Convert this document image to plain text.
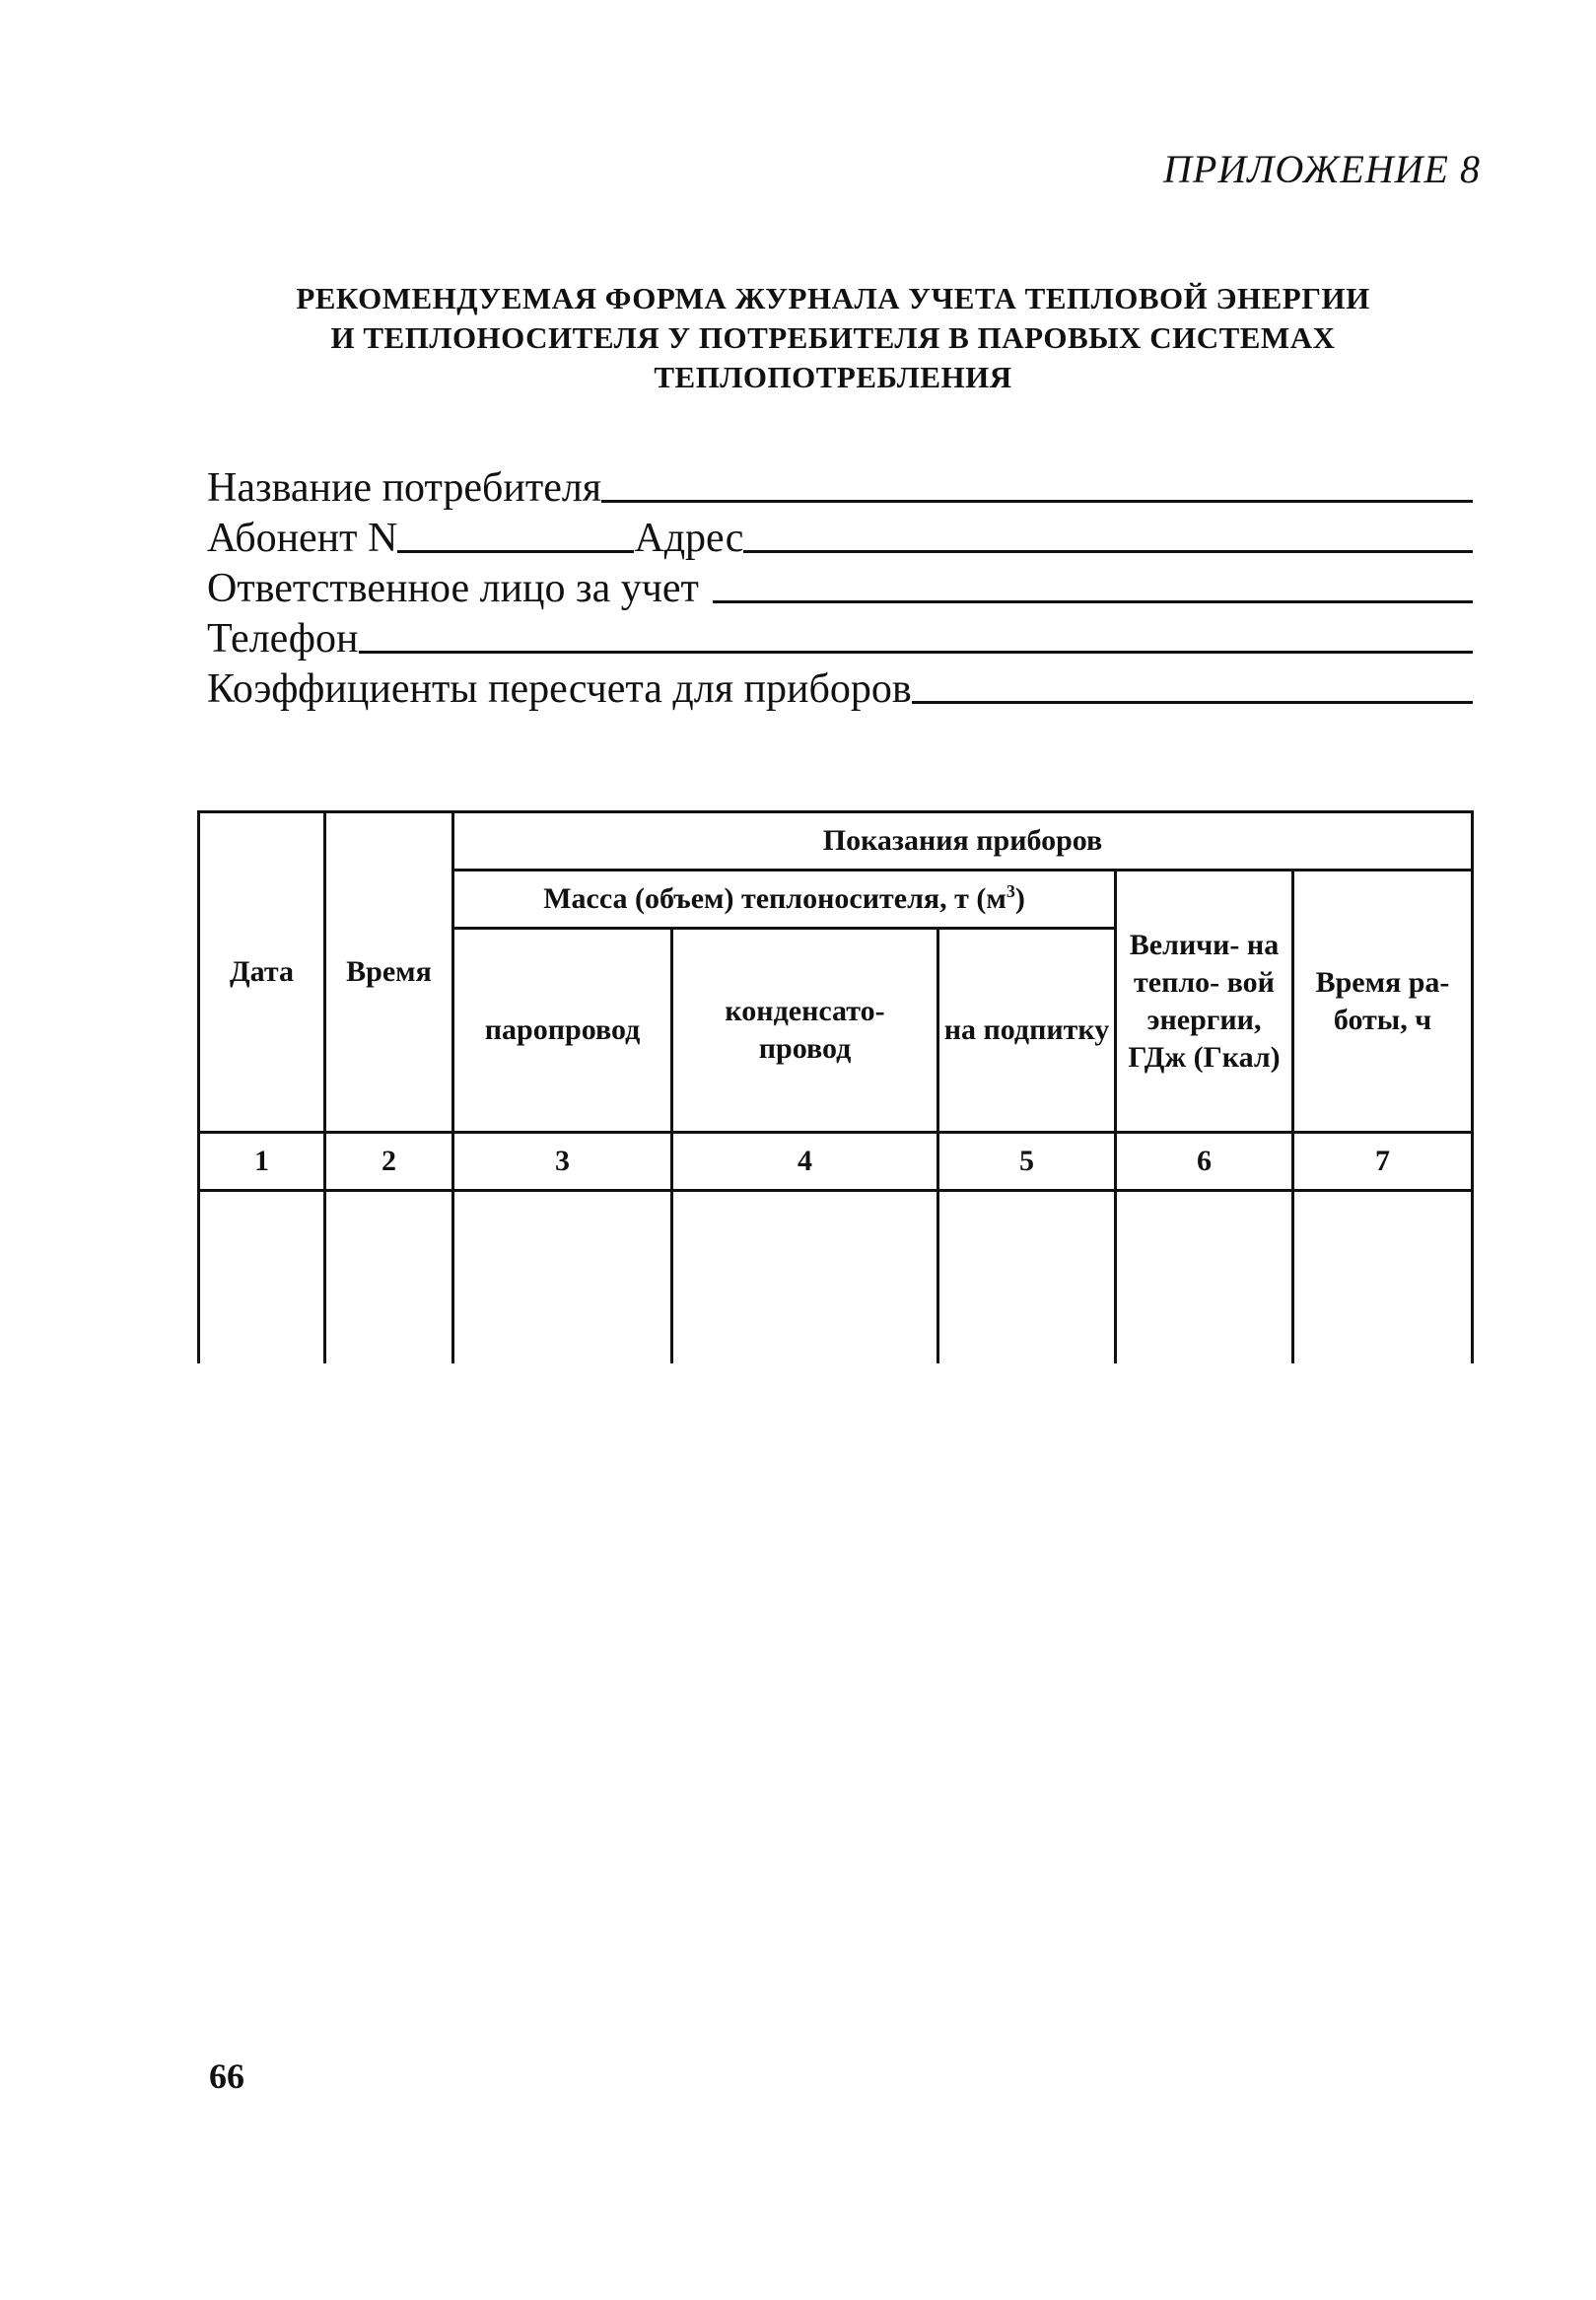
ПРИЛОЖЕНИЕ 8
РЕКОМЕНДУЕМАЯ ФОРМА ЖУРНАЛА УЧЕТА ТЕПЛОВОЙ ЭНЕРГИИ
И ТЕПЛОНОСИТЕЛЯ У ПОТРЕБИТЕЛЯ В ПАРОВЫХ СИСТЕМАХ
ТЕПЛОПОТРЕБЛЕНИЯ
Название потребителя
Абонент N	Адрес
Ответственное лицо за учет
Телефон
Коэффициенты пересчета для приборов
Дата	Время	Показания приборов				
		Масса (объем) теплоносителя, т $(м^3)$			Величи- на тепло- вой энергии, ГДж (Гкал)	Время ра- боты, ч
		паропровод	конденсато- провод	на подпитку		
1	2	3	4	5	6	7

66
